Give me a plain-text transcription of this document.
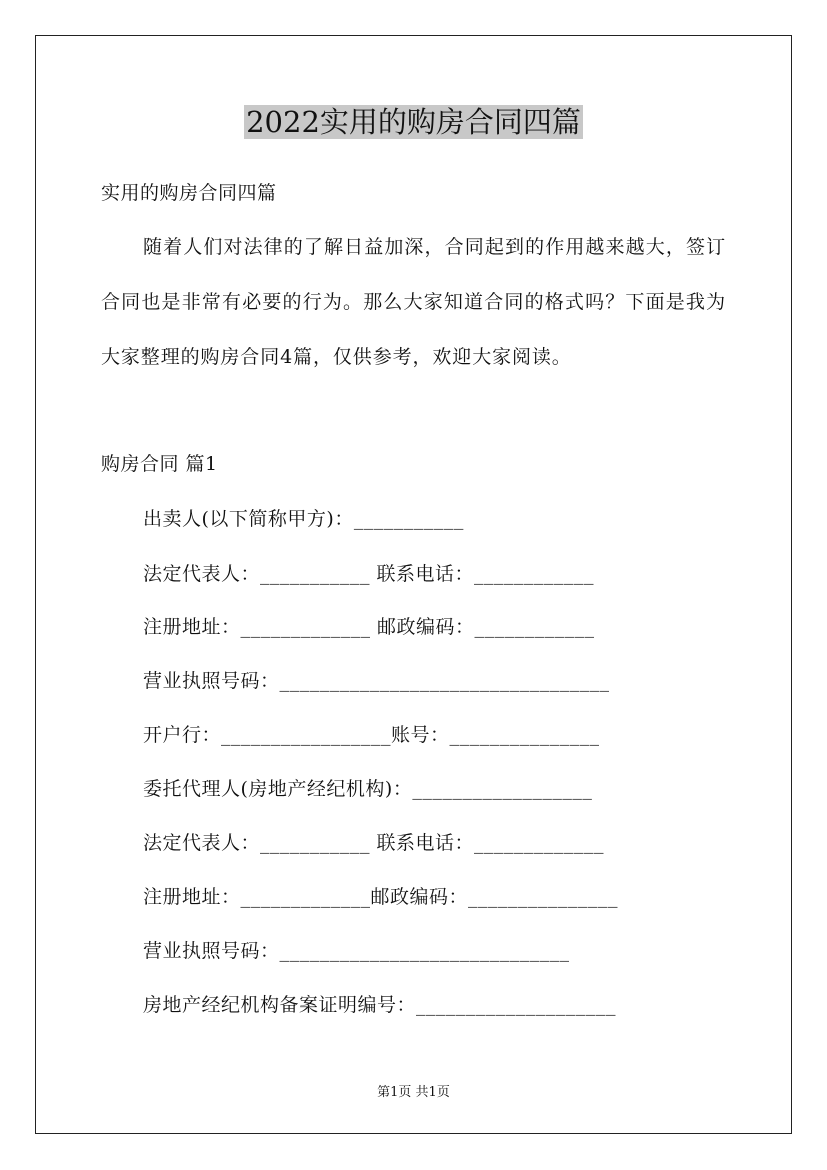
2022实用的购房合同四篇
实用的购房合同四篇
随着人们对法律的了解日益加深，合同起到的作用越来越大，签订合同也是非常有必要的行为。那么大家知道合同的格式吗？下面是我为大家整理的购房合同4篇，仅供参考，欢迎大家阅读。
购房合同 篇1
出卖人(以下简称甲方)：___________
法定代表人：___________ 联系电话：____________
注册地址：_____________ 邮政编码：____________
营业执照号码：_________________________________
开户行：_________________账号：_______________
委托代理人(房地产经纪机构)：__________________
法定代表人：___________ 联系电话：_____________
注册地址：_____________邮政编码：_______________
营业执照号码：_____________________________
房地产经纪机构备案证明编号：____________________
第1页 共1页
